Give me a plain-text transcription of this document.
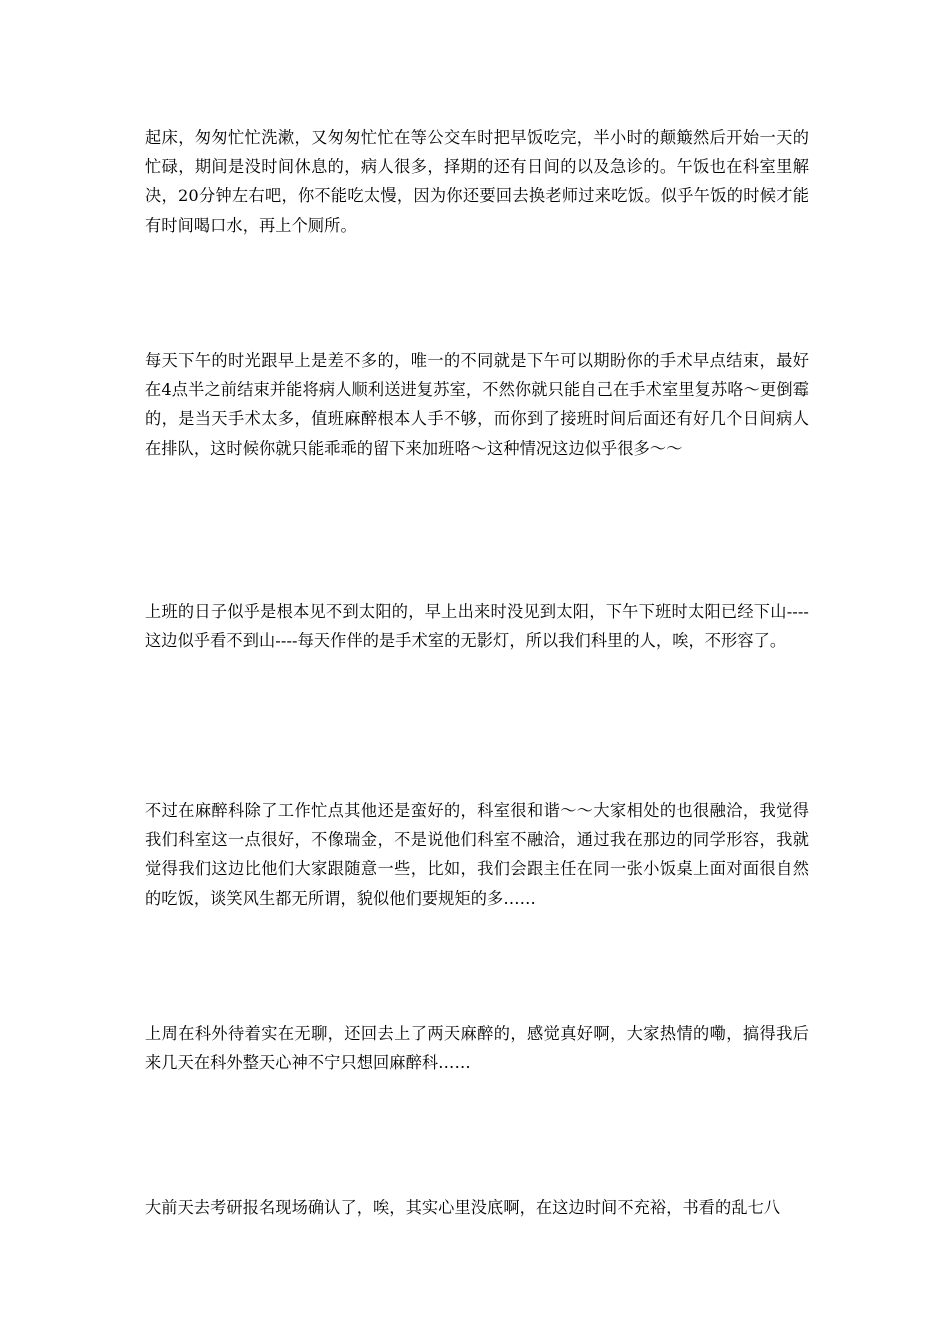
起床，匆匆忙忙洗漱，又匆匆忙忙在等公交车时把早饭吃完，半小时的颠簸然后开始一天的忙碌，期间是没时间休息的，病人很多，择期的还有日间的以及急诊的。午饭也在科室里解决，20分钟左右吧，你不能吃太慢，因为你还要回去换老师过来吃饭。似乎午饭的时候才能有时间喝口水，再上个厕所。

每天下午的时光跟早上是差不多的，唯一的不同就是下午可以期盼你的手术早点结束，最好在4点半之前结束并能将病人顺利送进复苏室，不然你就只能自己在手术室里复苏咯～更倒霉的，是当天手术太多，值班麻醉根本人手不够，而你到了接班时间后面还有好几个日间病人在排队，这时候你就只能乖乖的留下来加班咯～这种情况这边似乎很多～～

上班的日子似乎是根本见不到太阳的，早上出来时没见到太阳，下午下班时太阳已经下山----这边似乎看不到山----每天作伴的是手术室的无影灯，所以我们科里的人，唉，不形容了。

不过在麻醉科除了工作忙点其他还是蛮好的，科室很和谐～～大家相处的也很融洽，我觉得我们科室这一点很好，不像瑞金，不是说他们科室不融洽，通过我在那边的同学形容，我就觉得我们这边比他们大家跟随意一些，比如，我们会跟主任在同一张小饭桌上面对面很自然的吃饭，谈笑风生都无所谓，貌似他们要规矩的多……

上周在科外待着实在无聊，还回去上了两天麻醉的，感觉真好啊，大家热情的嘞，搞得我后来几天在科外整天心神不宁只想回麻醉科……

大前天去考研报名现场确认了，唉，其实心里没底啊，在这边时间不充裕，书看的乱七八
